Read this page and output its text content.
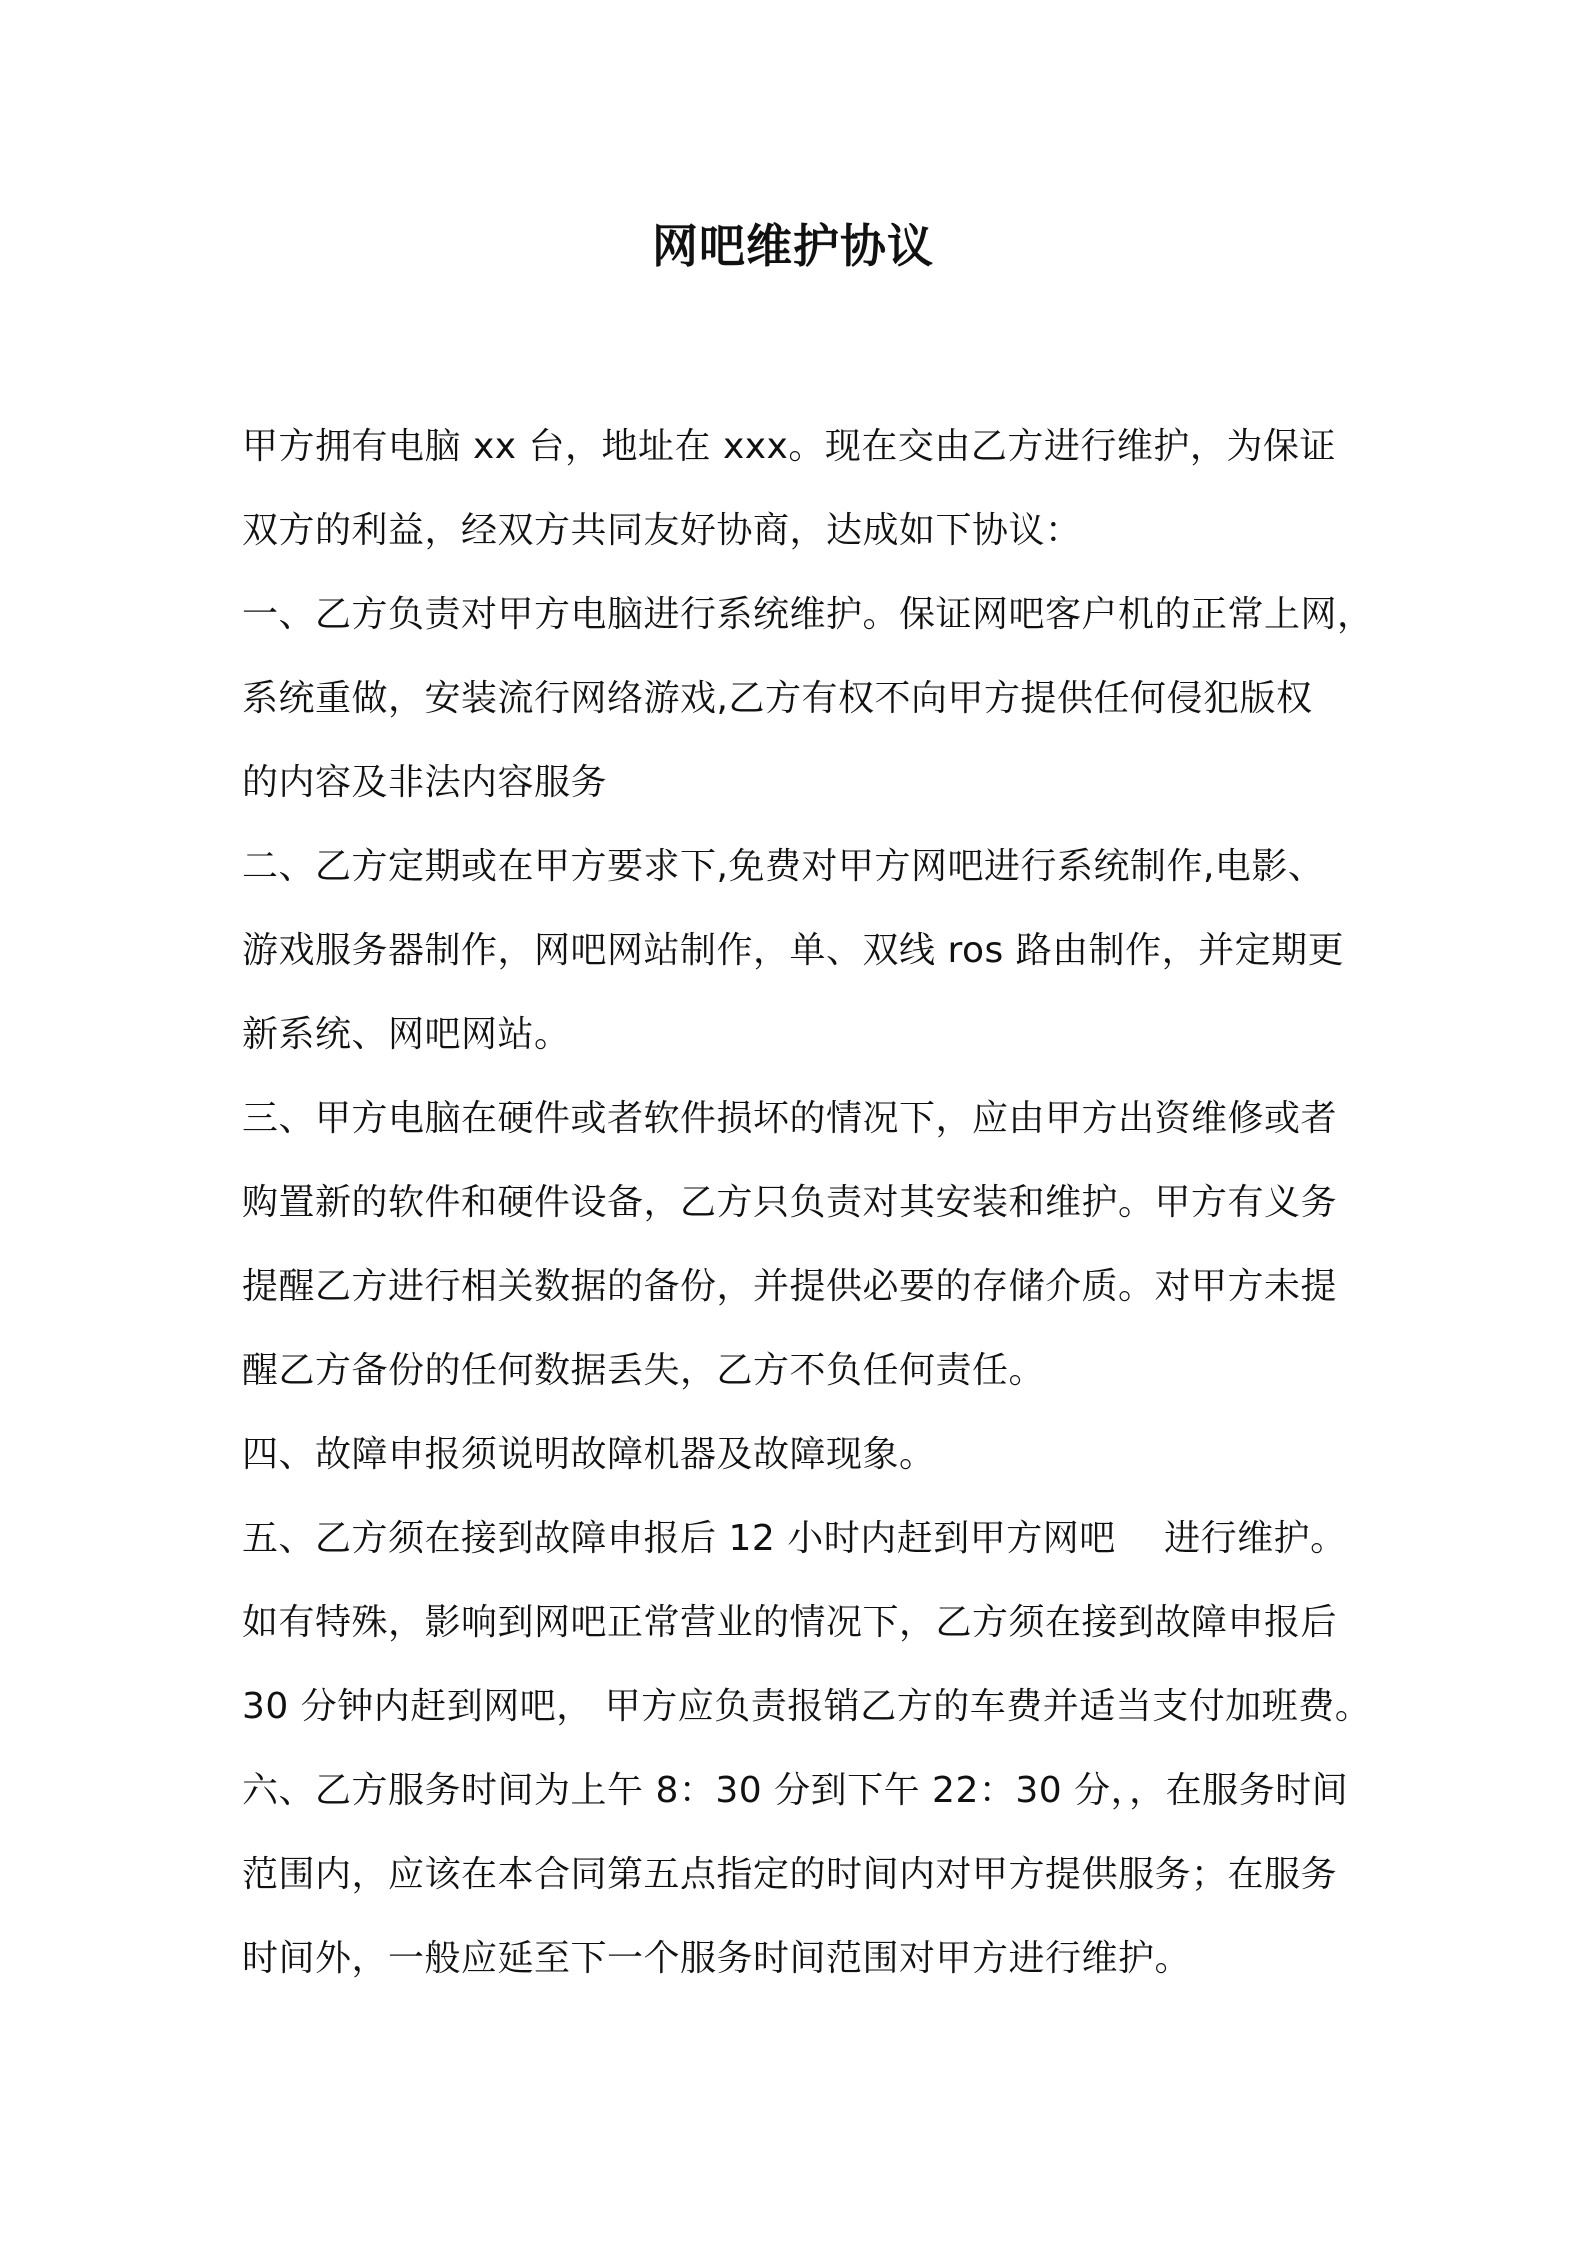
网吧维护协议
甲方拥有电脑 xx 台，地址在 xxx。现在交由乙方进行维护，为保证
双方的利益，经双方共同友好协商，达成如下协议：
一、乙方负责对甲方电脑进行系统维护。保证网吧客户机的正常上网，
系统重做，安装流行网络游戏,乙方有权不向甲方提供任何侵犯版权
的内容及非法内容服务
二、乙方定期或在甲方要求下,免费对甲方网吧进行系统制作,电影、
游戏服务器制作，网吧网站制作，单、双线 ros 路由制作，并定期更
新系统、网吧网站。
三、甲方电脑在硬件或者软件损坏的情况下，应由甲方出资维修或者
购置新的软件和硬件设备，乙方只负责对其安装和维护。甲方有义务
提醒乙方进行相关数据的备份，并提供必要的存储介质。对甲方未提
醒乙方备份的任何数据丢失，乙方不负任何责任。
四、故障申报须说明故障机器及故障现象。
五、乙方须在接到故障申报后 12 小时内赶到甲方网吧　 进行维护。
如有特殊，影响到网吧正常营业的情况下，乙方须在接到故障申报后
30 分钟内赶到网吧， 甲方应负责报销乙方的车费并适当支付加班费。
六、乙方服务时间为上午 8：30 分到下午 22：30 分，，在服务时间
范围内，应该在本合同第五点指定的时间内对甲方提供服务；在服务
时间外，一般应延至下一个服务时间范围对甲方进行维护。
